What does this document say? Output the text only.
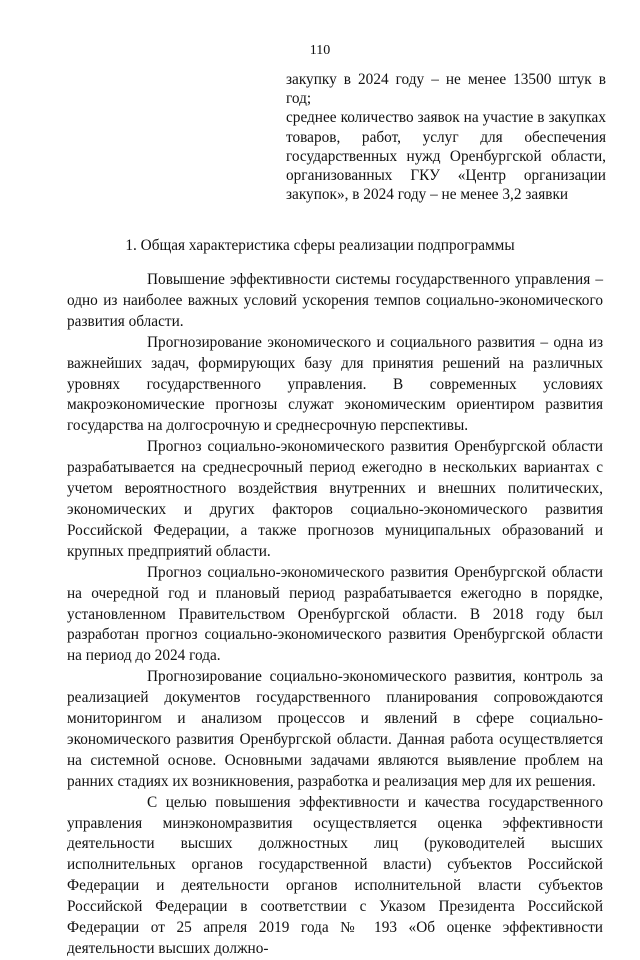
110

закупку в 2024 году – не менее 13500 штук в год;

среднее количество заявок на участие в закупках товаров, работ, услуг для обеспечения государственных нужд Оренбургской области, организованных ГКУ «Центр организации закупок», в 2024 году – не менее 3,2 заявки

1. Общая характеристика сферы реализации подпрограммы

Повышение эффективности системы государственного управления – одно из наиболее важных условий ускорения темпов социально-экономического развития области.

Прогнозирование экономического и социального развития – одна из важнейших задач, формирующих базу для принятия решений на различных уровнях государственного управления. В современных условиях макроэкономические прогнозы служат экономическим ориентиром развития государства на долгосрочную и среднесрочную перспективы.

Прогноз социально-экономического развития Оренбургской области разрабатывается на среднесрочный период ежегодно в нескольких вариантах с учетом вероятностного воздействия внутренних и внешних политических, экономических и других факторов социально-экономического развития Российской Федерации, а также прогнозов муниципальных образований и крупных предприятий области.

Прогноз социально-экономического развития Оренбургской области на очередной год и плановый период разрабатывается ежегодно в порядке, установленном Правительством Оренбургской области. В 2018 году был разработан прогноз социально-экономического развития Оренбургской области на период до 2024 года.

Прогнозирование социально-экономического развития, контроль за реализацией документов государственного планирования сопровождаются мониторингом и анализом процессов и явлений в сфере социально-экономического развития Оренбургской области. Данная работа осуществляется на системной основе. Основными задачами являются выявление проблем на ранних стадиях их возникновения, разработка и реализация мер для их решения.

С целью повышения эффективности и качества государственного управления минэкономразвития осуществляется оценка эффективности деятельности высших должностных лиц (руководителей высших исполнительных органов государственной власти) субъектов Российской Федерации и деятельности органов исполнительной власти субъектов Российской Федерации в соответствии с Указом Президента Российской Федерации от 25 апреля 2019 года № 193 «Об оценке эффективности деятельности высших должно-
